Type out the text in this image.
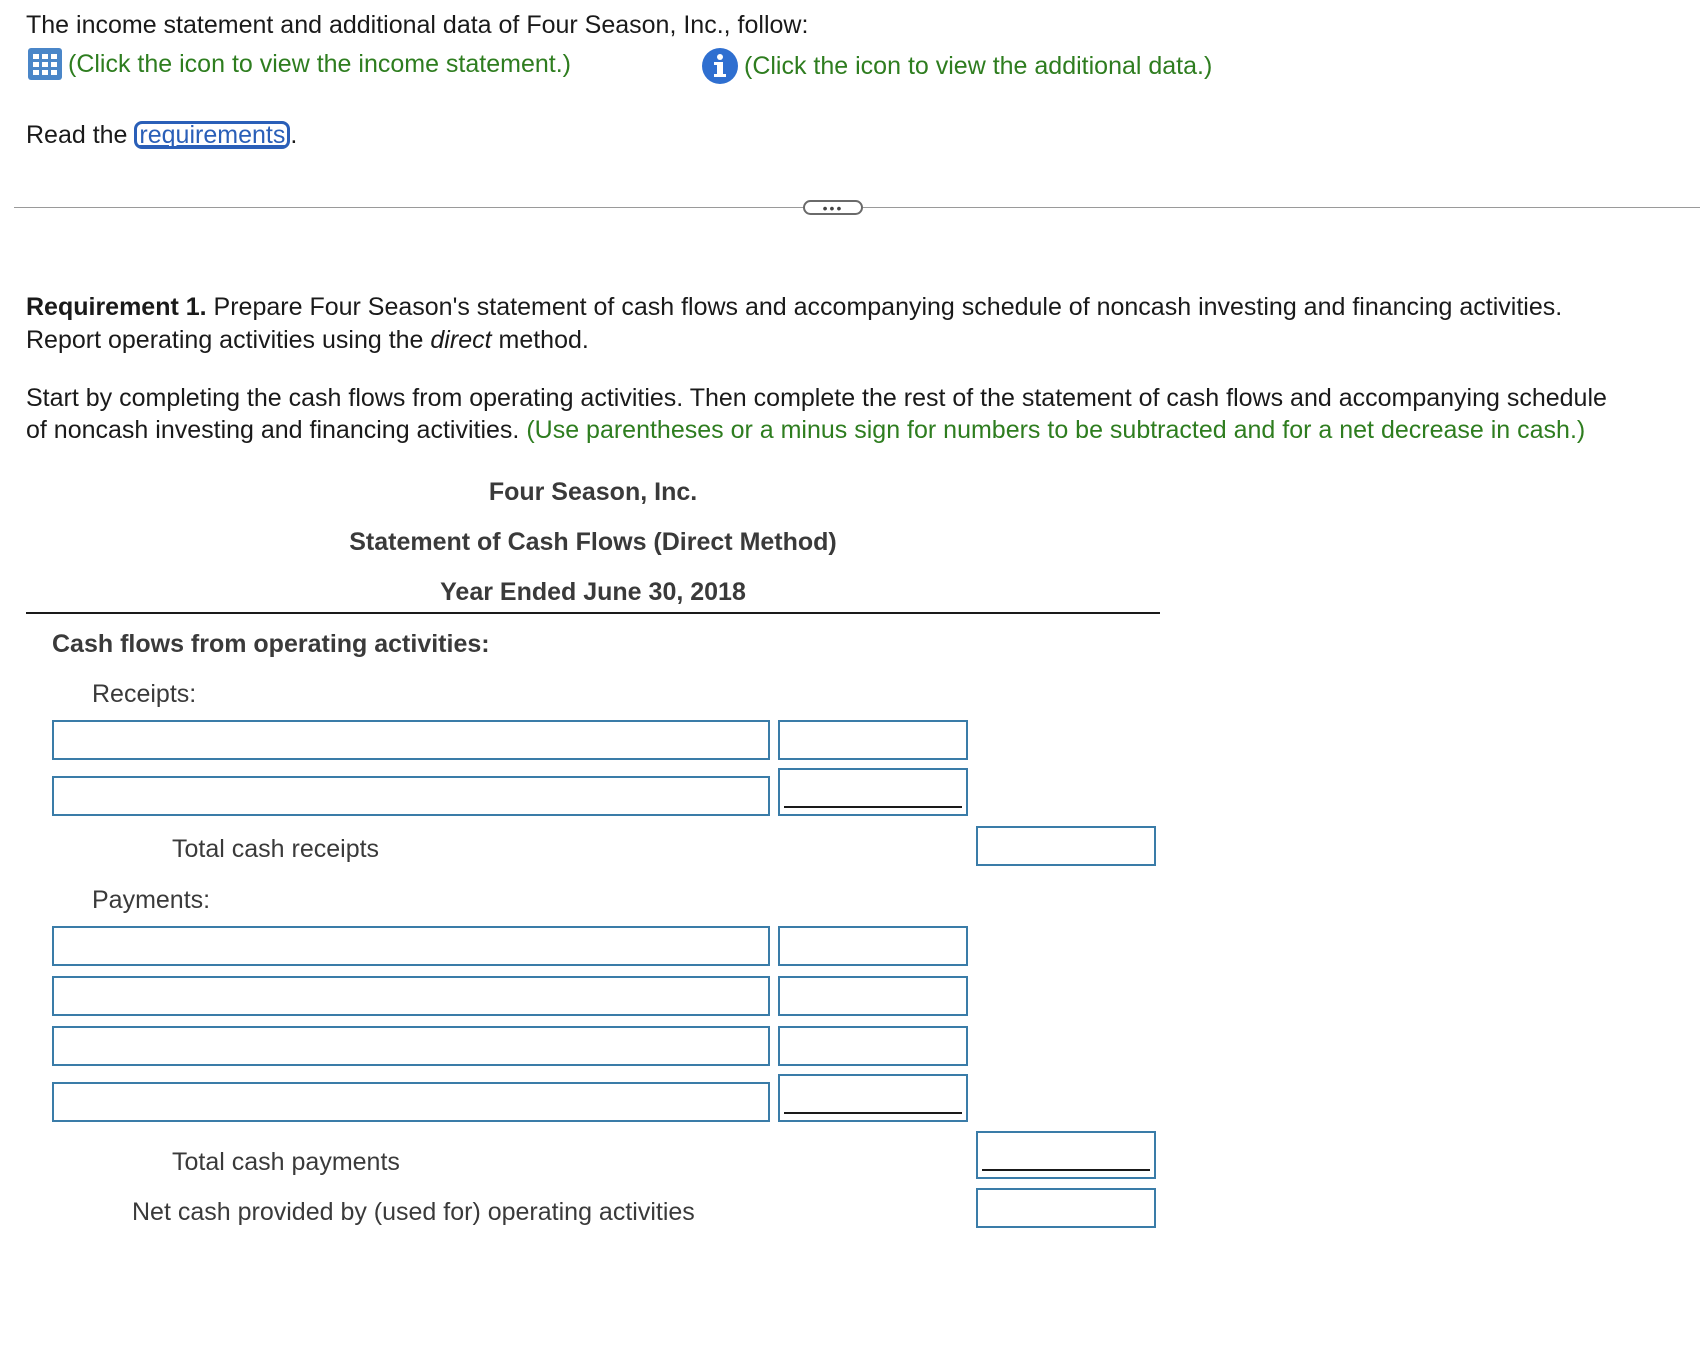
The income statement and additional data of Four Season, Inc., follow:
(Click the icon to view the income statement.)	(Click the icon to view the additional data.)
Read the requirements .
•••
Requirement 1. Prepare Four Season's statement of cash flows and accompanying schedule of noncash investing and financing activities.
Report operating activities using the direct method.
Start by completing the cash flows from operating activities. Then complete the rest of the statement of cash flows and accompanying schedule
of noncash investing and financing activities. (Use parentheses or a minus sign for numbers to be subtracted and for a net decrease in cash.)
Four Season, Inc.
Statement of Cash Flows (Direct Method)
Year Ended June 30, 2018
Cash flows from operating activities:
Receipts:
Total cash receipts
Payments:
Total cash payments
Net cash provided by (used for) operating activities
